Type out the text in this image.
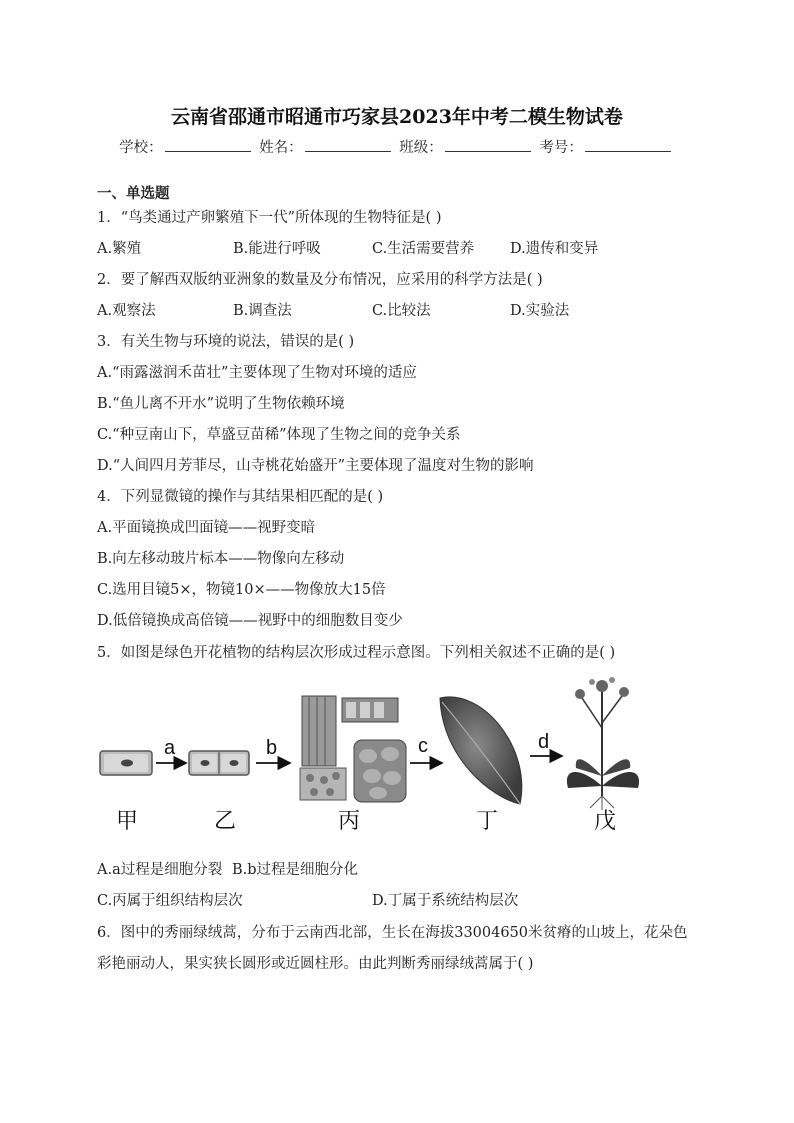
云南省邵通市昭通市巧家县2023年中考二模生物试卷
学校：	姓名：	班级：	考号：
一、单选题
1．“鸟类通过产卵繁殖下一代”所体现的生物特征是( )
A.繁殖	B.能进行呼吸	C.生活需要营养 D.遗传和变异
2．要了解西双版纳亚洲象的数量及分布情况，应采用的科学方法是( )
A.观察法	B.调查法	C.比较法	D.实验法
3．有关生物与环境的说法，错误的是( )
A.“雨露滋润禾苗壮”主要体现了生物对环境的适应
B.“鱼儿离不开水”说明了生物依赖环境
C.“种豆南山下，草盛豆苗稀”体现了生物之间的竞争关系
D.“人间四月芳菲尽，山寺桃花始盛开”主要体现了温度对生物的影响
4．下列显微镜的操作与其结果相匹配的是( )
A.平面镜换成凹面镜——视野变暗
B.向左移动玻片标本——物像向左移动
C.选用目镜5×，物镜10×——物像放大15倍
D.低倍镜换成高倍镜——视野中的细胞数目变少
5．如图是绿色开花植物的结构层次形成过程示意图。下列相关叙述不正确的是( )
a	b	c	d
甲	乙	丙	丁	戊
A.a过程是细胞分裂 B.b过程是细胞分化
C.丙属于组织结构层次	D.丁属于系统结构层次
6．图中的秀丽绿绒蒿，分布于云南西北部，生长在海拔33004650米贫瘠的山坡上，花朵色彩艳丽动人，果实狭长圆形或近圆柱形。由此判断秀丽绿绒蒿属于( )
